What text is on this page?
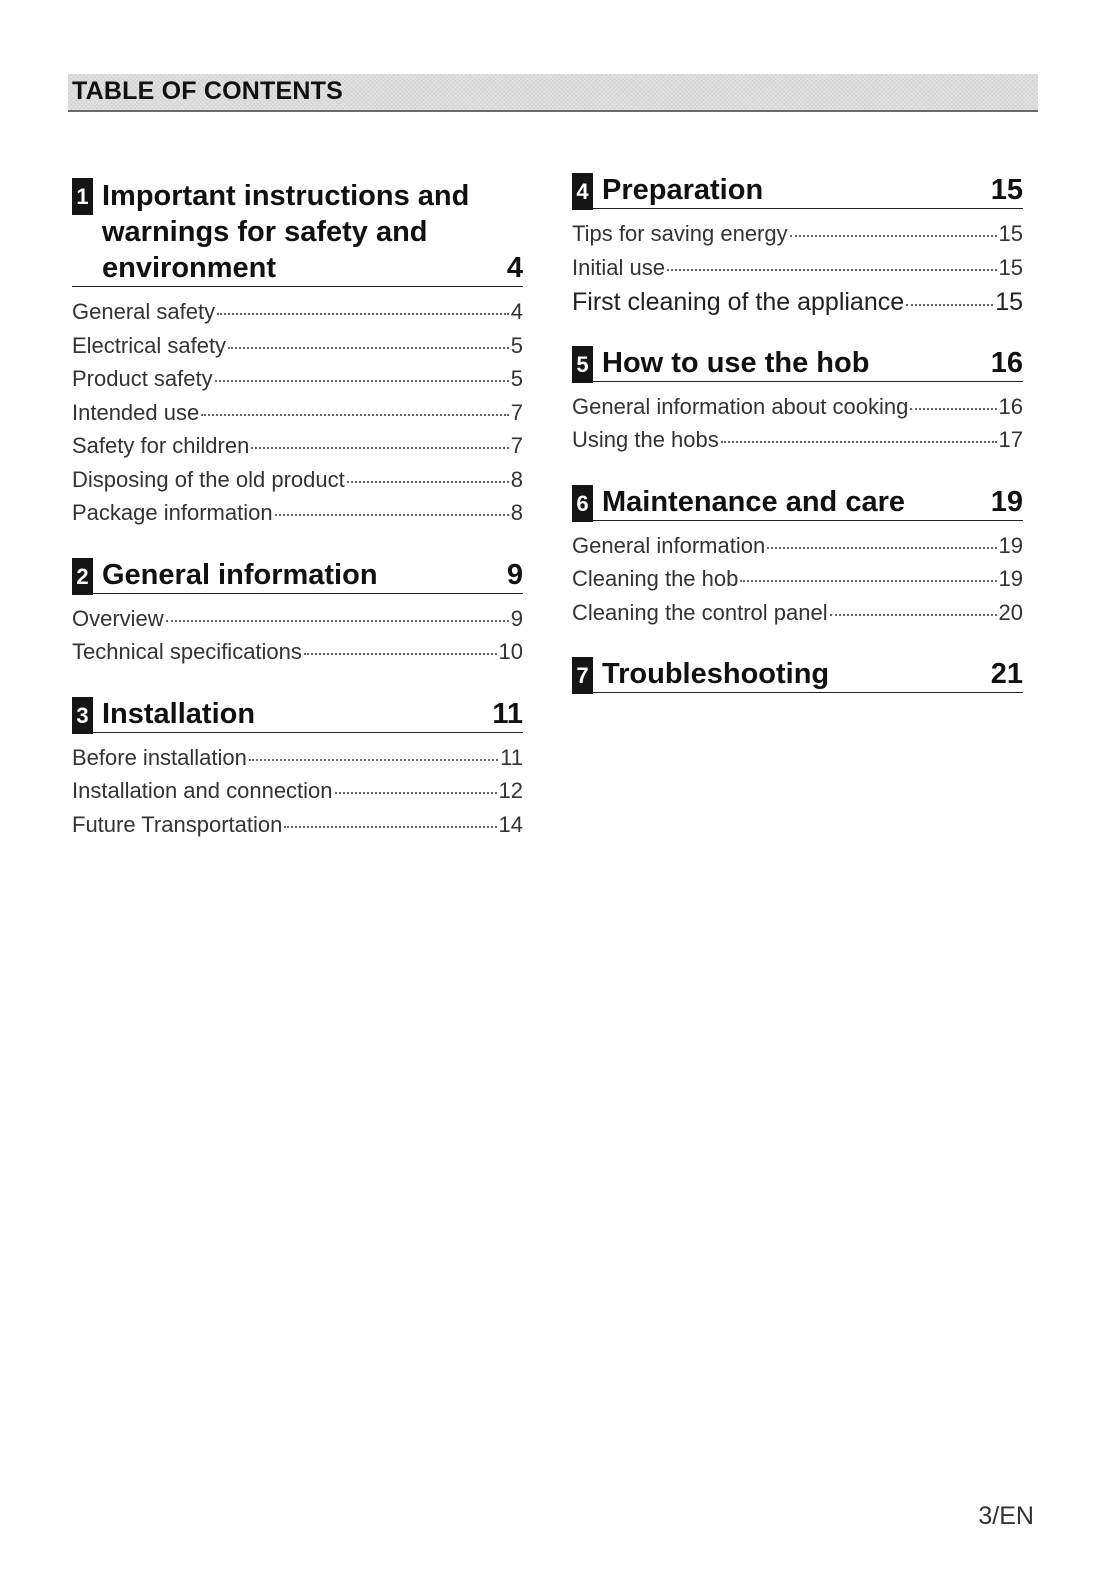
TABLE OF CONTENTS
1 Important instructions and
warnings for safety and
environment	4
General safety	4
Electrical safety	5
Product safety	5
Intended use	7
Safety for children	7
Disposing of the old product	8
Package information	8
2 General information	9
Overview	9
Technical specifications	10
3 Installation	11
Before installation	11
Installation and connection	12
Future Transportation	14
4 Preparation	15
Tips for saving energy	15
Initial use	15
First cleaning of the appliance	15
5 How to use the hob	16
General information about cooking	16
Using the hobs	17
6 Maintenance and care	19
General information	19
Cleaning the hob	19
Cleaning the control panel	20
7 Troubleshooting	21
3/EN
